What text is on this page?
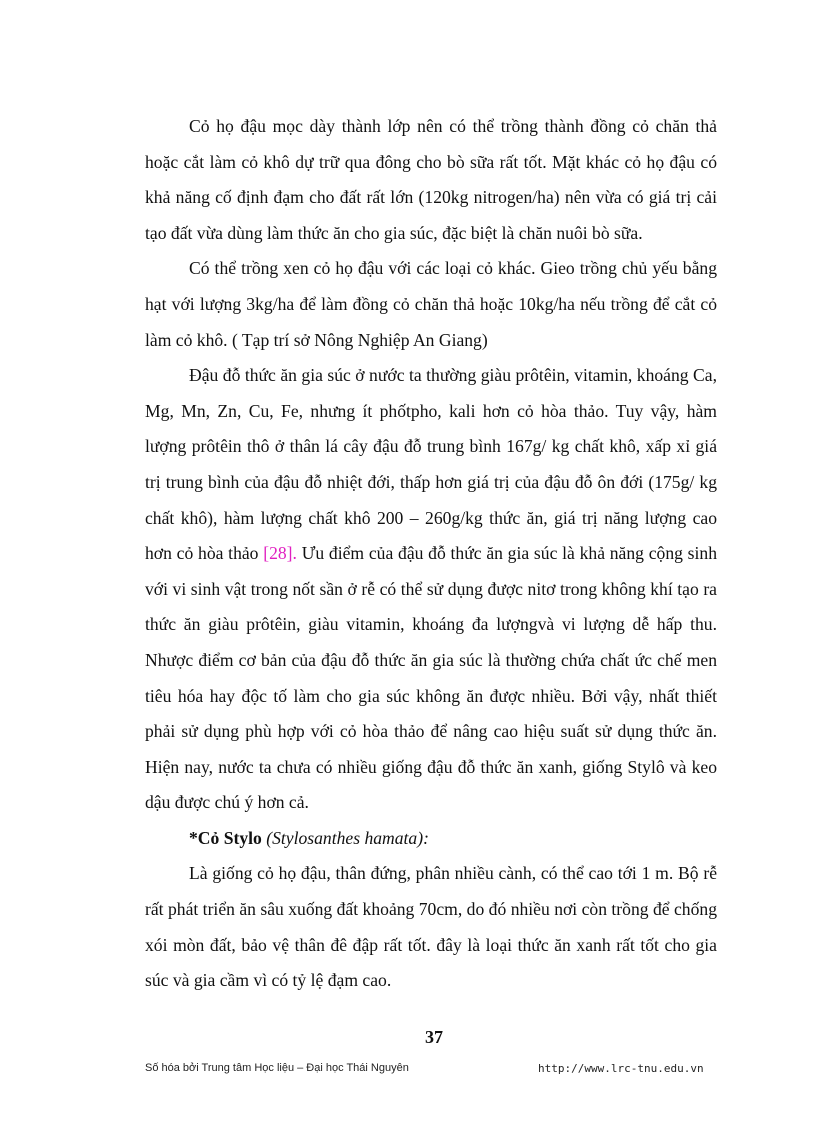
Cỏ họ đậu mọc dày thành lớp nên có thể trồng thành đồng cỏ chăn thả hoặc cắt làm cỏ khô dự trữ qua đông cho bò sữa rất tốt. Mặt khác cỏ họ đậu có khả năng cố định đạm cho đất rất lớn (120kg nitrogen/ha) nên vừa có giá trị cải tạo đất vừa dùng làm thức ăn cho gia súc, đặc biệt là chăn nuôi bò sữa.

Có thể trồng xen cỏ họ đậu với các loại cỏ khác. Gieo trồng chủ yếu bằng hạt với lượng 3kg/ha để làm đồng cỏ chăn thả hoặc 10kg/ha nếu trồng để cắt cỏ làm cỏ khô. ( Tạp trí sở Nông Nghiệp An Giang)

Đậu đỗ thức ăn gia súc ở nước ta thường giàu prôtêin, vitamin, khoáng Ca, Mg, Mn, Zn, Cu, Fe, nhưng ít phốtpho, kali hơn cỏ hòa thảo. Tuy vậy, hàm lượng prôtêin thô ở thân lá cây đậu đỗ trung bình 167g/ kg chất khô, xấp xỉ giá trị trung bình của đậu đỗ nhiệt đới, thấp hơn giá trị của đậu đỗ ôn đới (175g/ kg chất khô), hàm lượng chất khô 200 – 260g/kg thức ăn, giá trị năng lượng cao hơn cỏ hòa thảo [28]. Ưu điểm của đậu đỗ thức ăn gia súc là khả năng cộng sinh với vi sinh vật trong nốt sần ở rễ có thể sử dụng được nitơ trong không khí tạo ra thức ăn giàu prôtêin, giàu vitamin, khoáng đa lượngvà vi lượng dễ hấp thu. Nhược điểm cơ bản của đậu đỗ thức ăn gia súc là thường chứa chất ức chế men tiêu hóa hay độc tố làm cho gia súc không ăn được nhiều. Bởi vậy, nhất thiết phải sử dụng phù hợp với cỏ hòa thảo để nâng cao hiệu suất sử dụng thức ăn. Hiện nay, nước ta chưa có nhiều giống đậu đỗ thức ăn xanh, giống Stylô và keo dậu được chú ý hơn cả.

*Cỏ Stylo (Stylosanthes hamata):

Là giống cỏ họ đậu, thân đứng, phân nhiều cành, có thể cao tới 1 m. Bộ rễ rất phát triển ăn sâu xuống đất khoảng 70cm, do đó nhiều nơi còn trồng để chống xói mòn đất, bảo vệ thân đê đập rất tốt. đây là loại thức ăn xanh rất tốt cho gia súc và gia cầm vì có tỷ lệ đạm cao.

37
Số hóa bởi Trung tâm Học liệu – Đại học Thái Nguyên	http://www.lrc-tnu.edu.vn
